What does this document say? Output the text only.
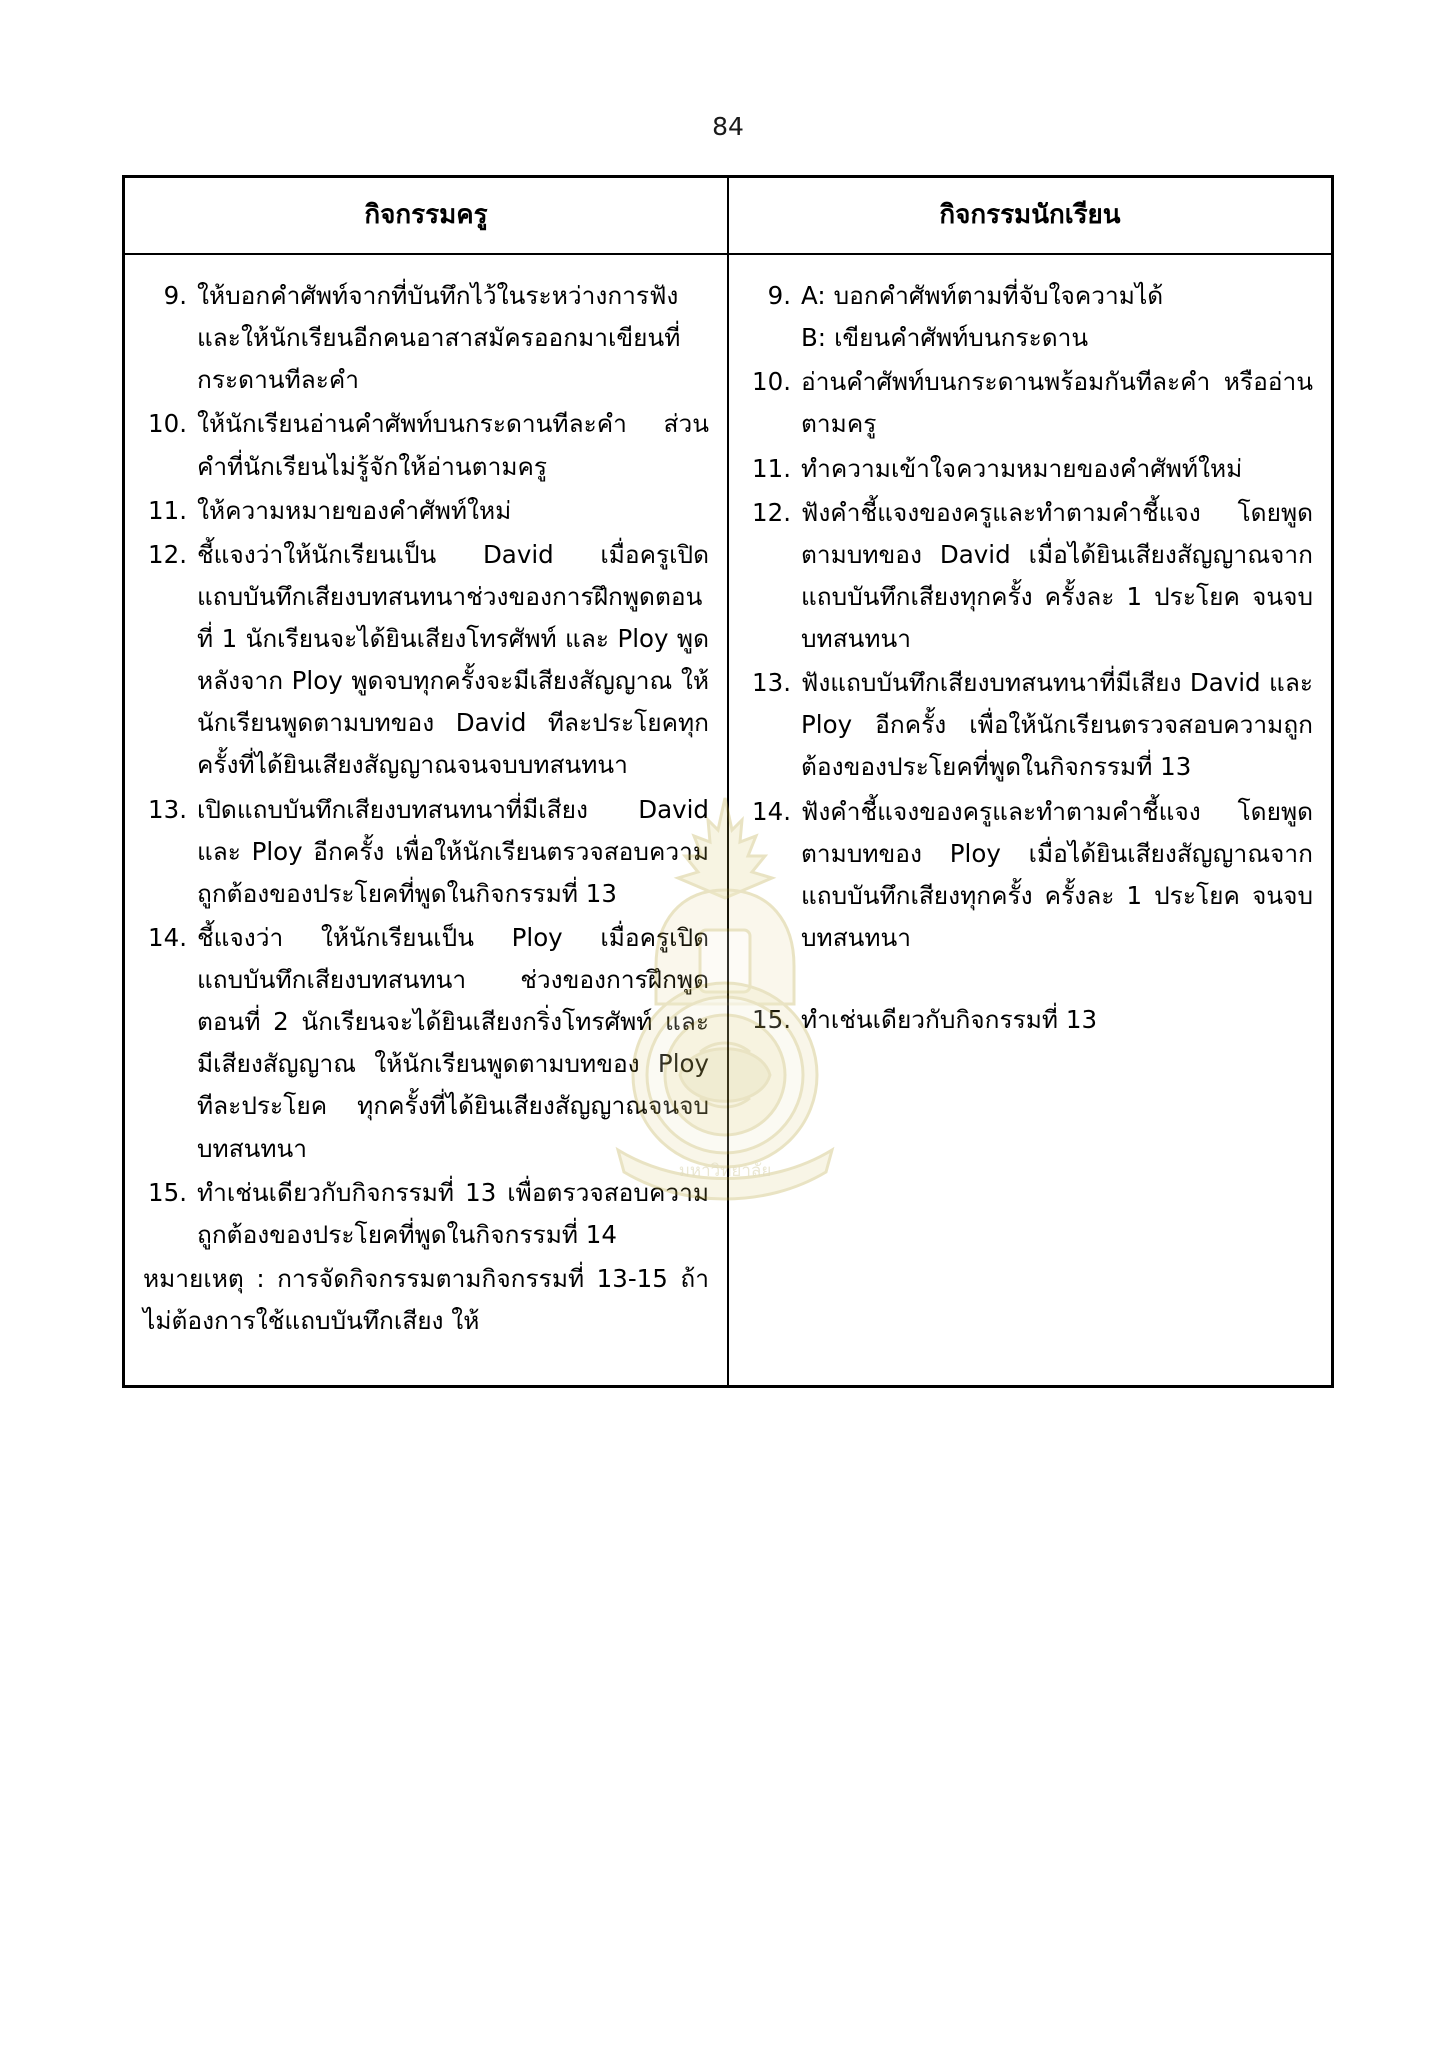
84
กิจกรรมครู	กิจกรรมนักเรียน

9. ให้บอกคำศัพท์จากที่บันทึกไว้ในระหว่างการฟัง และให้นักเรียนอีกคนอาสาสมัครออกมาเขียนที่กระดานทีละคำ
10. ให้นักเรียนอ่านคำศัพท์บนกระดานทีละคำ ส่วนคำที่นักเรียนไม่รู้จักให้อ่านตามครู
11. ให้ความหมายของคำศัพท์ใหม่
12. ชี้แจงว่าให้นักเรียนเป็น David เมื่อครูเปิดแถบบันทึกเสียงบทสนทนาช่วงของการฝึกพูดตอนที่ 1 นักเรียนจะได้ยินเสียงโทรศัพท์ และ Ploy พูด หลังจาก Ploy พูดจบทุกครั้งจะมีเสียงสัญญาณ ให้นักเรียนพูดตามบทของ David ทีละประโยคทุกครั้งที่ได้ยินเสียงสัญญาณจนจบบทสนทนา
13. เปิดแถบบันทึกเสียงบทสนทนาที่มีเสียง David และ Ploy อีกครั้ง เพื่อให้นักเรียนตรวจสอบความถูกต้องของประโยคที่พูดในกิจกรรมที่ 13
14. ชี้แจงว่า ให้นักเรียนเป็น Ploy เมื่อครูเปิดแถบบันทึกเสียงบทสนทนา ช่วงของการฝึกพูดตอนที่ 2 นักเรียนจะได้ยินเสียงกริ่งโทรศัพท์ และมีเสียงสัญญาณ ให้นักเรียนพูดตามบทของ Ploy ทีละประโยค ทุกครั้งที่ได้ยินเสียงสัญญาณจนจบบทสนทนา
15. ทำเช่นเดียวกับกิจกรรมที่ 13 เพื่อตรวจสอบความถูกต้องของประโยคที่พูดในกิจกรรมที่ 14
หมายเหตุ : การจัดกิจกรรมตามกิจกรรมที่ 13-15 ถ้าไม่ต้องการใช้แถบบันทึกเสียง ให้

9. A: บอกคำศัพท์ตามที่จับใจความได้
B: เขียนคำศัพท์บนกระดาน
10. อ่านคำศัพท์บนกระดานพร้อมกันทีละคำ หรืออ่านตามครู
11. ทำความเข้าใจความหมายของคำศัพท์ใหม่
12. ฟังคำชี้แจงของครูและทำตามคำชี้แจง โดยพูดตามบทของ David เมื่อได้ยินเสียงสัญญาณจากแถบบันทึกเสียงทุกครั้ง ครั้งละ 1 ประโยค จนจบบทสนทนา
13. ฟังแถบบันทึกเสียงบทสนทนาที่มีเสียง David และ Ploy อีกครั้ง เพื่อให้นักเรียนตรวจสอบความถูกต้องของประโยคที่พูดในกิจกรรมที่ 13
14. ฟังคำชี้แจงของครูและทำตามคำชี้แจง โดยพูดตามบทของ Ploy เมื่อได้ยินเสียงสัญญาณจากแถบบันทึกเสียงทุกครั้ง ครั้งละ 1 ประโยค จนจบบทสนทนา
15. ทำเช่นเดียวกับกิจกรรมที่ 13
มหาวิทยาลัย
